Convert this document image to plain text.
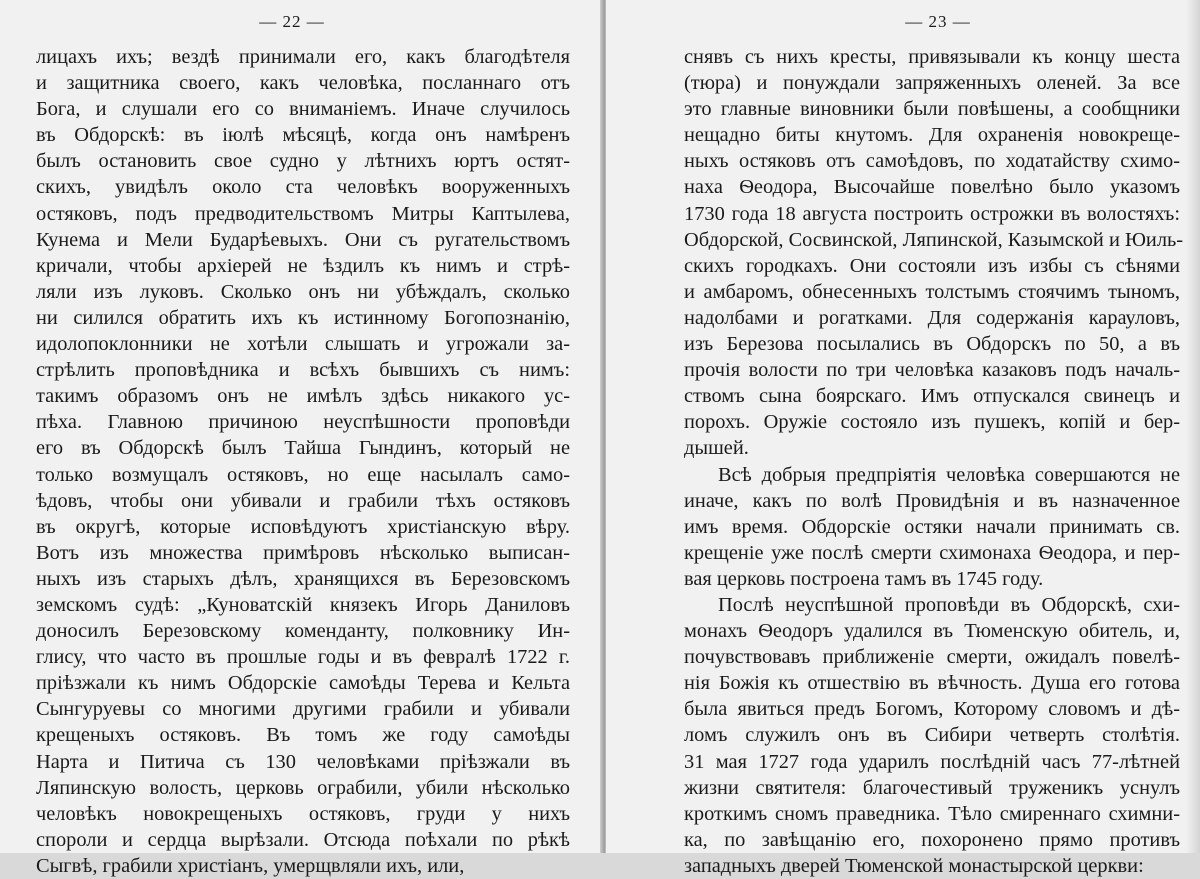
— 22 —
лицахъ ихъ; вездѣ принимали его, какъ благодѣтеля
и защитника своего, какъ человѣка, посланнаго отъ
Бога, и слушали его со вниманіемъ. Иначе случилось
въ Обдорскѣ: въ іюлѣ мѣсяцѣ, когда онъ намѣренъ
былъ остановить свое судно у лѣтнихъ юртъ остят-
скихъ, увидѣлъ около ста человѣкъ вооруженныхъ
остяковъ, подъ предводительствомъ Митры Каптылева,
Кунема и Мели Бударѣевыхъ. Они съ ругательствомъ
кричали, чтобы архіерей не ѣздилъ къ нимъ и стрѣ-
ляли изъ луковъ. Сколько онъ ни убѣждалъ, сколько
ни силился обратить ихъ къ истинному Богопознанію,
идолопоклонники не хотѣли слышать и угрожали за-
стрѣлить проповѣдника и всѣхъ бывшихъ съ нимъ:
такимъ образомъ онъ не имѣлъ здѣсь никакого ус-
пѣха. Главною причиною неуспѣшности проповѣди
его въ Обдорскѣ былъ Тайша Гындинъ, который не
только возмущалъ остяковъ, но еще насылалъ само-
ѣдовъ, чтобы они убивали и грабили тѣхъ остяковъ
въ округѣ, которые исповѣдуютъ христіанскую вѣру.
Вотъ изъ множества примѣровъ нѣсколько выписан-
ныхъ изъ старыхъ дѣлъ, хранящихся въ Березовскомъ
земскомъ судѣ: „Куноватскій князекъ Игорь Даниловъ
доносилъ Березовскому коменданту, полковнику Ин-
глису, что часто въ прошлые годы и въ февралѣ 1722 г.
пріѣзжали къ нимъ Обдорскіе самоѣды Терева и Кельта
Сынгуруевы со многими другими грабили и убивали
крещеныхъ остяковъ. Въ томъ же году самоѣды
Нарта и Питича съ 130 человѣками пріѣзжали въ
Ляпинскую волость, церковь ограбили, убили нѣсколько
человѣкъ новокрещеныхъ остяковъ, груди у нихъ
спороли и сердца вырѣзали. Отсюда поѣхали по рѣкѣ
Сыгвѣ, грабили христіанъ, умерщвляли ихъ, или,
— 23 —
снявъ съ нихъ кресты, привязывали къ концу шеста
(тюра) и понуждали запряженныхъ оленей. За все
это главные виновники были повѣшены, а сообщники
нещадно биты кнутомъ. Для охраненія новокреще-
ныхъ остяковъ отъ самоѣдовъ, по ходатайству схимо-
наха Ѳеодора, Высочайше повелѣно было указомъ
1730 года 18 августа построить острожки въ волостяхъ:
Обдорской, Сосвинской, Ляпинской, Казымской и Юиль-
скихъ городкахъ. Они состояли изъ избы съ сѣнями
и амбаромъ, обнесенныхъ толстымъ стоячимъ тыномъ,
надолбами и рогатками. Для содержанія карауловъ,
изъ Березова посылались въ Обдорскъ по 50, а въ
прочія волости по три человѣка казаковъ подъ началь-
ствомъ сына боярскаго. Имъ отпускался свинецъ и
порохъ. Оружіе состояло изъ пушекъ, копій и бер-
дышей.
Всѣ добрыя предпріятія человѣка совершаются не
иначе, какъ по волѣ Провидѣнія и въ назначенное
имъ время. Обдорскіе остяки начали принимать св.
крещеніе уже послѣ смерти схимонаха Ѳеодора, и пер-
вая церковь построена тамъ въ 1745 году.
Послѣ неуспѣшной проповѣди въ Обдорскѣ, схи-
монахъ Ѳеодоръ удалился въ Тюменскую обитель, и,
почувствовавъ приближеніе смерти, ожидалъ повелѣ-
нія Божія къ отшествію въ вѣчность. Душа его готова
была явиться предъ Богомъ, Которому словомъ и дѣ-
ломъ служилъ онъ въ Сибири четверть столѣтія.
31 мая 1727 года ударилъ послѣдній часъ 77-лѣтней
жизни святителя: благочестивый труженикъ уснулъ
кроткимъ сномъ праведника. Тѣло смиреннаго схимни-
ка, по завѣщанію его, похоронено прямо противъ
западныхъ дверей Тюменской монастырской церкви:
